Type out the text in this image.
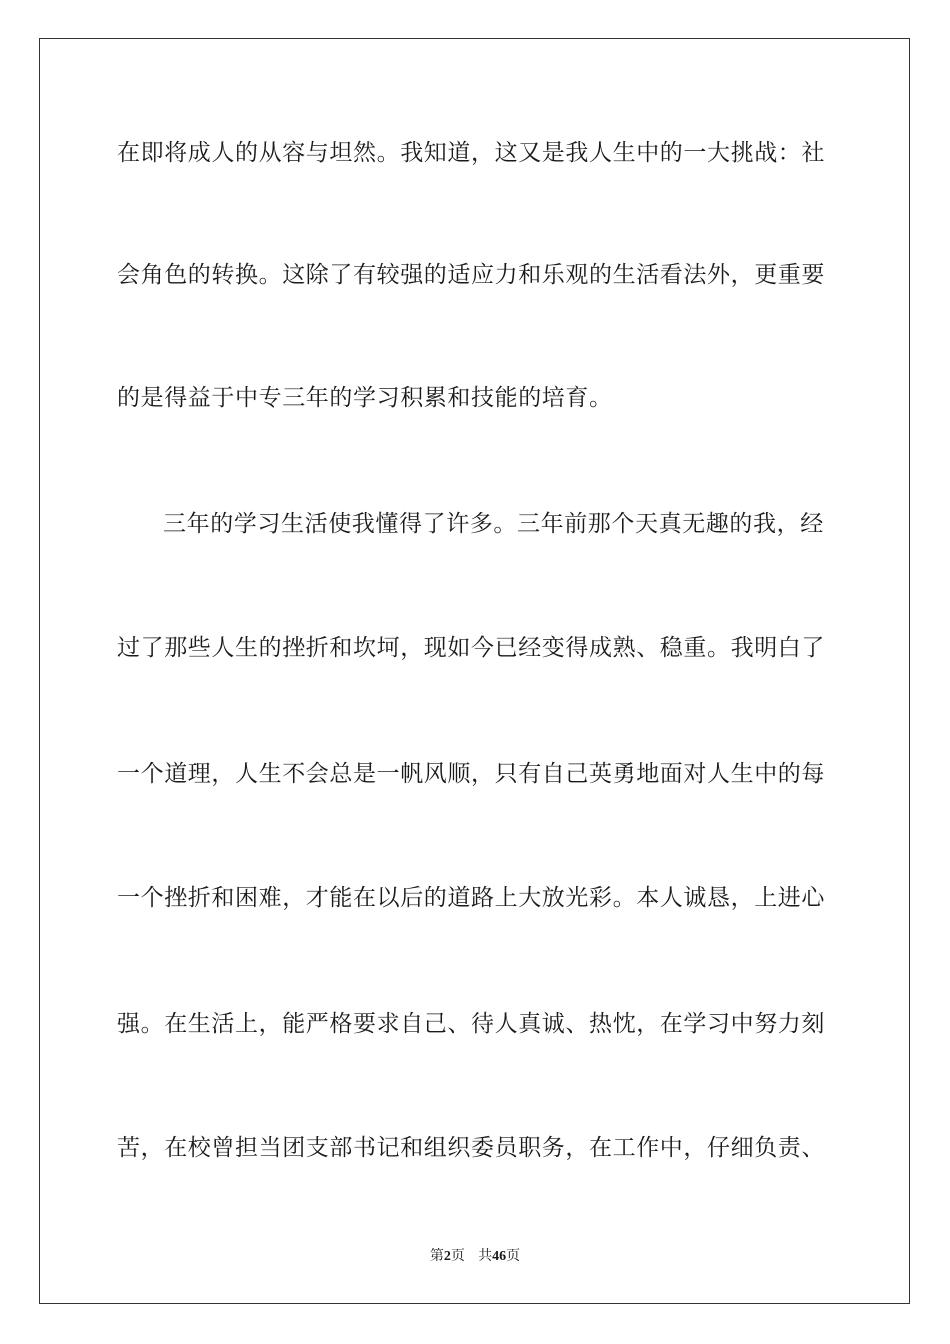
在即将成人的从容与坦然。我知道，这又是我人生中的一大挑战：社
会角色的转换。这除了有较强的适应力和乐观的生活看法外，更重要
的是得益于中专三年的学习积累和技能的培育。
三年的学习生活使我懂得了许多。三年前那个天真无趣的我，经
过了那些人生的挫折和坎坷，现如今已经变得成熟、稳重。我明白了
一个道理，人生不会总是一帆风顺，只有自己英勇地面对人生中的每
一个挫折和困难，才能在以后的道路上大放光彩。本人诚恳，上进心
强。在生活上，能严格要求自己、待人真诚、热忱，在学习中努力刻
苦，在校曾担当团支部书记和组织委员职务，在工作中，仔细负责、
第2页 共46页
